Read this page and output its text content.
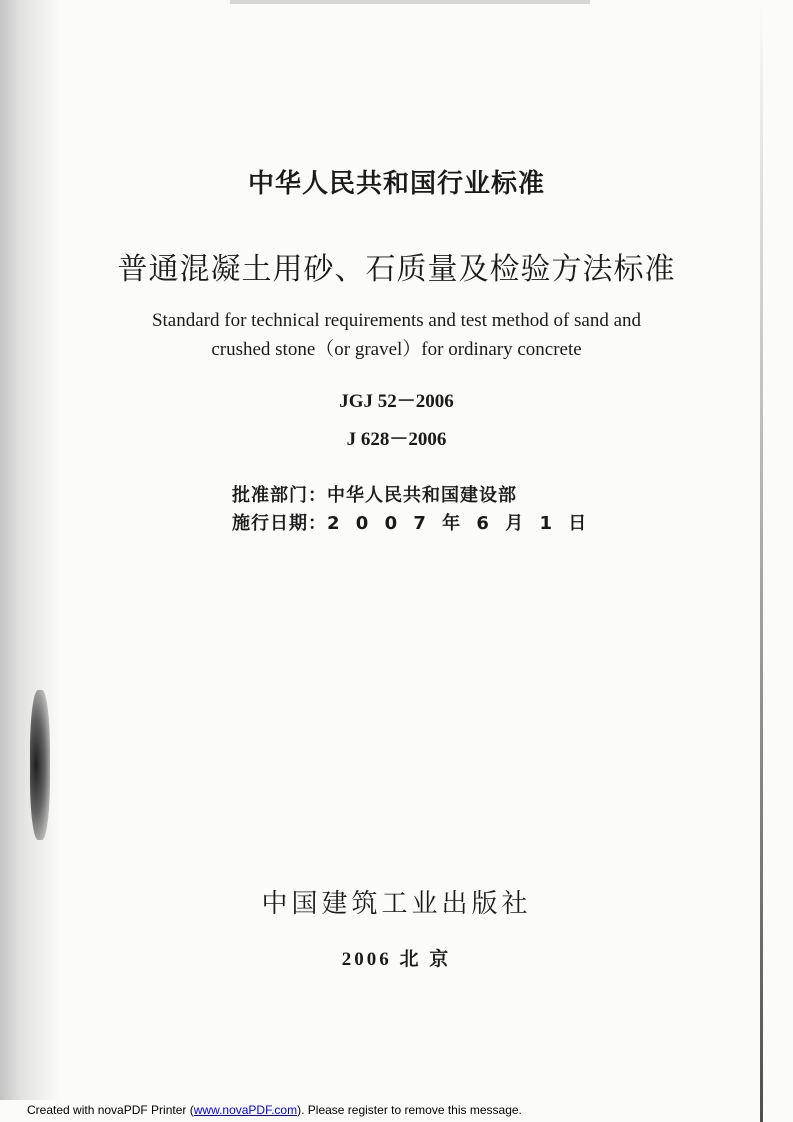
中华人民共和国行业标准
普通混凝土用砂、石质量及检验方法标准
Standard for technical requirements and test method of sand and
crushed stone（or gravel）for ordinary concrete
JGJ 52－2006
J 628－2006
批准部门：中华人民共和国建设部
施行日期：2 0 0 7 年 6 月 1 日
中国建筑工业出版社
2006 北 京
Created with novaPDF Printer (www.novaPDF.com). Please register to remove this message.
